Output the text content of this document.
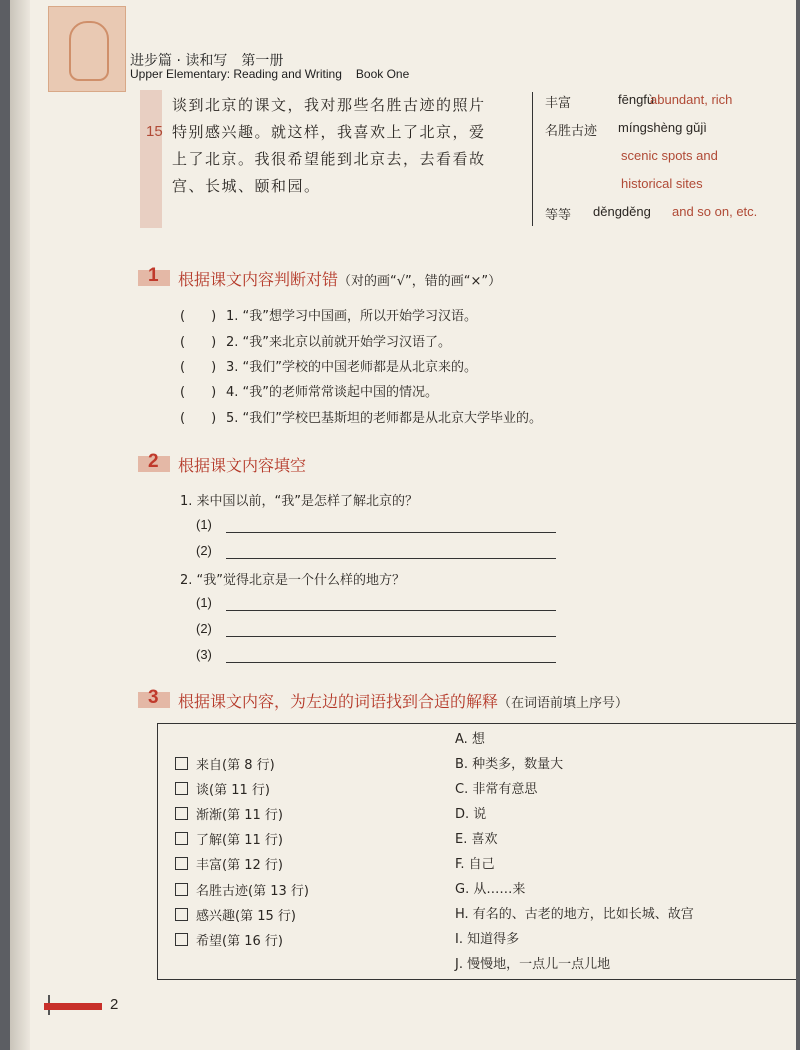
进步篇 · 读和写　第一册
Upper Elementary: Reading and Writing Book One
15
谈到北京的课文，我对那些名胜古迹的照片
特别感兴趣。就这样，我喜欢上了北京，爱
上了北京。我很希望能到北京去，去看看故
宫、长城、颐和园。
丰富	fēngfù
abundant, rich
名胜古迹 míngshèng gǔjì
scenic spots and
historical sites
等等 děngděng and so on, etc.
1 根据课文内容判断对错（对的画“√”，错的画“×”）
(　　) 1. “我”想学习中国画，所以开始学习汉语。
(　　) 2. “我”来北京以前就开始学习汉语了。
(　　) 3. “我们”学校的中国老师都是从北京来的。
(　　) 4. “我”的老师常常谈起中国的情况。
(　　) 5. “我们”学校巴基斯坦的老师都是从北京大学毕业的。
2 根据课文内容填空
1. 来中国以前，“我”是怎样了解北京的？
(1)
(2)
2. “我”觉得北京是一个什么样的地方？
(1)
(2)
(3)
3 根据课文内容，为左边的词语找到合适的解释（在词语前填上序号）
来自(第 8 行)
谈(第 11 行)
渐渐(第 11 行)
了解(第 11 行)
丰富(第 12 行)
名胜古迹(第 13 行)
感兴趣(第 15 行)
希望(第 16 行)
A. 想
B. 种类多，数量大
C. 非常有意思
D. 说
E. 喜欢
F. 自己
G. 从……来
H. 有名的、古老的地方，比如长城、故宫
I. 知道得多
J. 慢慢地，一点儿一点儿地
2
